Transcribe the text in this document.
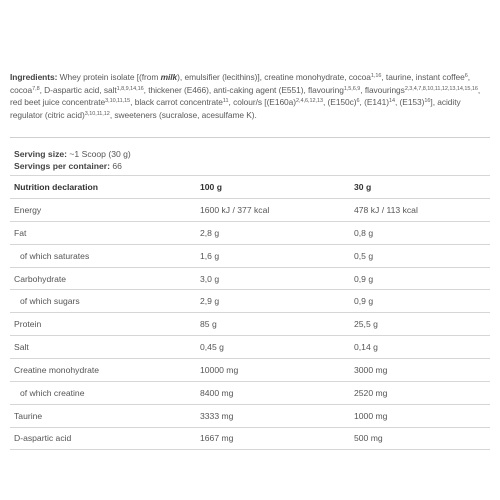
Ingredients: Whey protein isolate [(from milk), emulsifier (lecithins)], creatine monohydrate, cocoa$^{1,16}$, taurine, instant coffee$^6$, cocoa$^{7,8}$, D-aspartic acid, salt$^{1,8,9,14,16}$, thickener (E466), anti-caking agent (E551), flavouring$^{1,5,6,9}$, flavourings$^{2,3,4,7,8,10,11,12,13,14,15,16}$, red beet juice concentrate$^{3,10,11,15}$, black carrot concentrate$^{11}$, colour/s [$(E160a)^{2,4,6,12,13}$, $(E150c)^6$, $(E141)^{14}$, $(E153)^{16}$], acidity regulator (citric acid)$^{3,10,11,12}$, sweeteners (sucralose, acesulfame K).
Serving size: ~1 Scoop (30 g)
Servings per container: 66
Nutrition declaration	100 g	30 g
Energy	1600 kJ / 377 kcal	478 kJ / 113 kcal
Fat	2,8 g	0,8 g
of which saturates	1,6 g	0,5 g
Carbohydrate	3,0 g	0,9 g
of which sugars	2,9 g	0,9 g
Protein	85 g	25,5 g
Salt	0,45 g	0,14 g
Creatine monohydrate	10000 mg	3000 mg
of which creatine	8400 mg	2520 mg
Taurine	3333 mg	1000 mg
D-aspartic acid	1667 mg	500 mg
